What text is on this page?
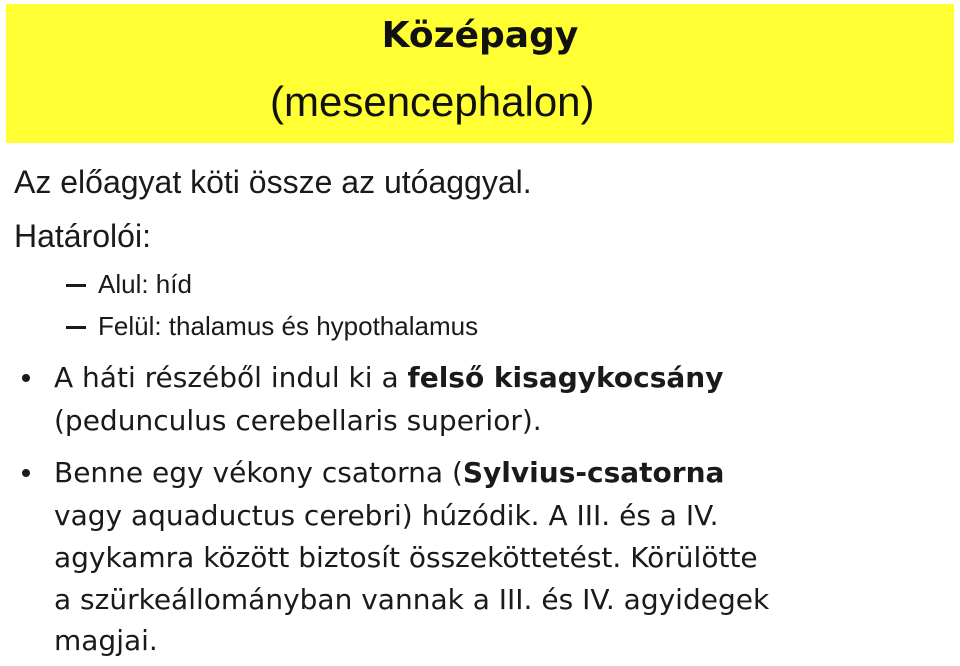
Középagy
(mesencephalon)
Az előagyat köti össze az utóaggyal.
Határolói:
Alul: híd
Felül: thalamus és hypothalamus
A háti részéből indul ki a felső kisagykocsány
(pedunculus cerebellaris superior).
Benne egy vékony csatorna (Sylvius-csatorna
vagy aquaductus cerebri) húzódik. A III. és a IV.
agykamra között biztosít összeköttetést. Körülötte
a szürkeállományban vannak a III. és IV. agyidegek
magjai.
